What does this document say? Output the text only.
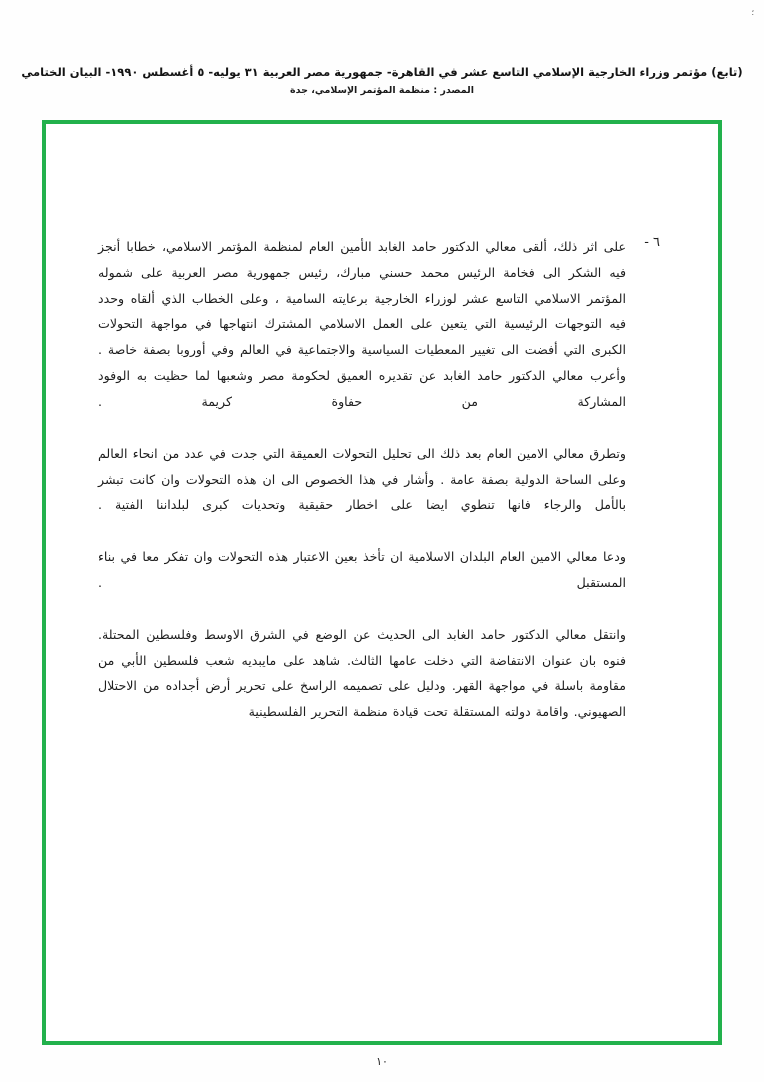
؛
(تابع) مؤتمر وزراء الخارجية الإسلامي التاسع عشر في القاهرة- جمهورية مصر العربية ٣١ يوليه- ٥ أغسطس ١٩٩٠- البيان الختامي
المصدر : منظمة المؤتمر الإسلامي، جدة
٦ -
على اثر ذلك، ألقى معالي الدكتور حامد الغابد الأمين العام لمنظمة المؤتمر الاسلامي، خطابا أنجز فيه الشكر الى فخامة الرئيس محمد حسني مبارك، رئيس جمهورية مصر العربية على شموله المؤتمر الاسلامي التاسع عشر لوزراء الخارجية برعايته السامية ، وعلى الخطاب الذي ألقاه وحدد فيه التوجهات الرئيسية التي يتعين على العمل الاسلامي المشترك انتهاجها في مواجهة التحولات الكبرى التي أفضت الى تغيير المعطيات السياسية والاجتماعية في العالم وفي أوروبا بصفة خاصة . وأعرب معالي الدكتور حامد الغابد عن تقديره العميق لحكومة مصر وشعبها لما حظيت به الوفود المشاركة من حفاوة كريمة .
وتطرق معالي الامين العام بعد ذلك الى تحليل التحولات العميقة التي جدت في عدد من انحاء العالم وعلى الساحة الدولية بصفة عامة . وأشار في هذا الخصوص الى ان هذه التحولات وان كانت تبشر بالأمل والرجاء فانها تنطوي ايضا على اخطار حقيقية وتحديات كبرى لبلداننا الفتية .
ودعا معالي الامين العام البلدان الاسلامية ان تأخذ بعين الاعتبار هذه التحولات وان تفكر معا في بناء المستقبل .
وانتقل معالي الدكتور حامد الغابد الى الحديث عن الوضع في الشرق الاوسط وفلسطين المحتلة. فنوه بان عنوان الانتفاضة التي دخلت عامها الثالث. شاهد على مايبديه شعب فلسطين الأبي من مقاومة باسلة في مواجهة القهر. ودليل على تصميمه الراسخ على تحرير أرض أجداده من الاحتلال الصهيوني. واقامة دولته المستقلة تحت قيادة منظمة التحرير الفلسطينية
١٠
